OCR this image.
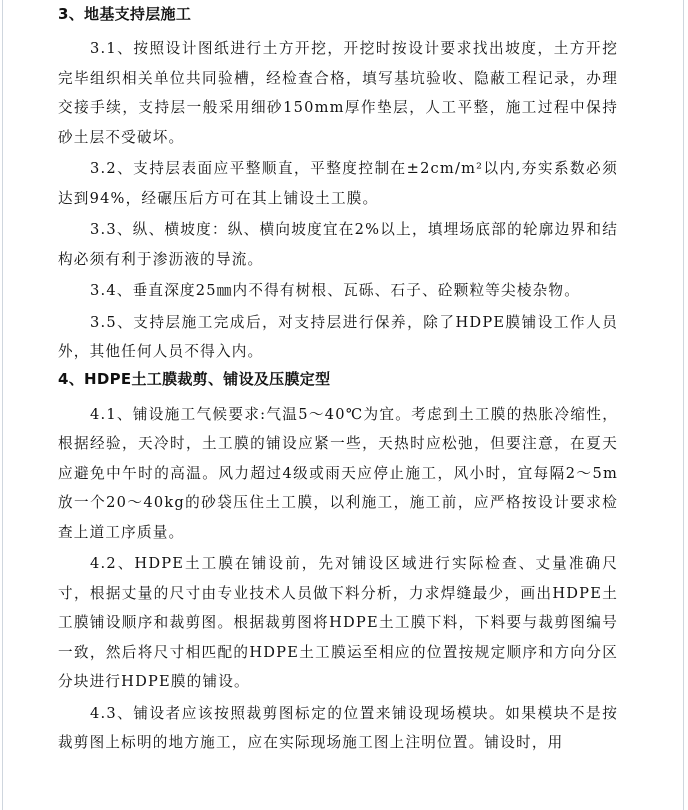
3、地基支持层施工

3.1、按照设计图纸进行土方开挖，开挖时按设计要求找出坡度，土方开挖完毕组织相关单位共同验槽，经检查合格，填写基坑验收、隐蔽工程记录，办理交接手续，支持层一般采用细砂150mm厚作垫层，人工平整，施工过程中保持砂土层不受破坏。

3.2、支持层表面应平整顺直，平整度控制在±2cm/m²以内,夯实系数必须达到94%，经碾压后方可在其上铺设土工膜。

3.3、纵、横坡度：纵、横向坡度宜在2%以上，填埋场底部的轮廓边界和结构必须有利于渗沥液的导流。

3.4、垂直深度25㎜内不得有树根、瓦砾、石子、砼颗粒等尖棱杂物。

3.5、支持层施工完成后，对支持层进行保养，除了HDPE膜铺设工作人员外，其他任何人员不得入内。

4、HDPE土工膜裁剪、铺设及压膜定型

4.1、铺设施工气候要求:气温5～40℃为宜。考虑到土工膜的热胀冷缩性，根据经验，天冷时，土工膜的铺设应紧一些，天热时应松弛，但要注意，在夏天应避免中午时的高温。风力超过4级或雨天应停止施工，风小时，宜每隔2～5m放一个20～40kg的砂袋压住土工膜，以利施工，施工前，应严格按设计要求检查上道工序质量。

4.2、HDPE土工膜在铺设前，先对铺设区域进行实际检查、丈量准确尺寸，根据丈量的尺寸由专业技术人员做下料分析，力求焊缝最少，画出HDPE土工膜铺设顺序和裁剪图。根据裁剪图将HDPE土工膜下料，下料要与裁剪图编号一致，然后将尺寸相匹配的HDPE土工膜运至相应的位置按规定顺序和方向分区分块进行HDPE膜的铺设。

4.3、铺设者应该按照裁剪图标定的位置来铺设现场模块。如果模块不是按裁剪图上标明的地方施工，应在实际现场施工图上注明位置。铺设时，用
